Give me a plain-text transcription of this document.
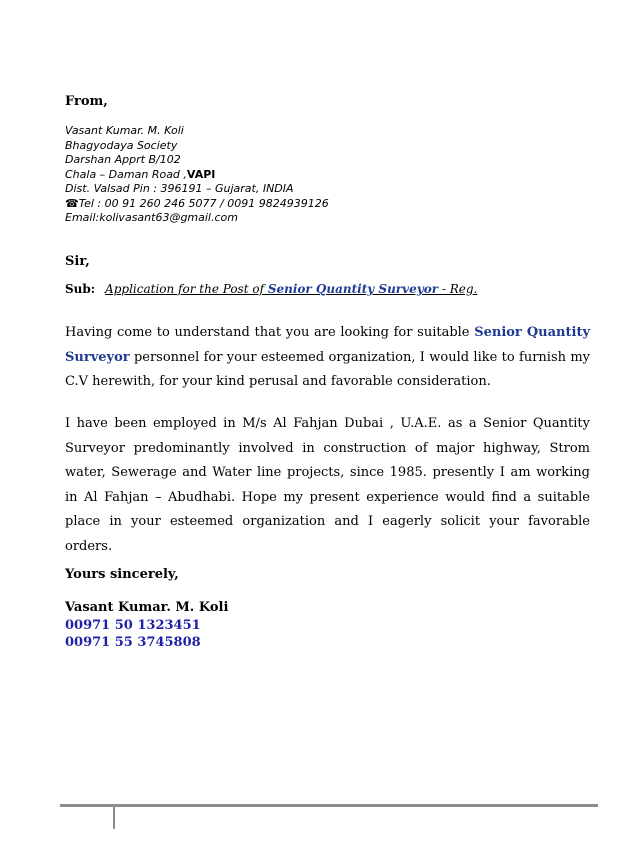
From,
Vasant Kumar. M. Koli
Bhagyodaya Society
Darshan Apprt B/102
Chala – Daman Road ,VAPI
Dist. Valsad Pin : 396191 – Gujarat, INDIA
☎Tel : 00 91 260 246 5077 / 0091 9824939126
Email:kolivasant63@gmail.com
Sir,
Sub: Application for the Post of Senior Quantity Surveyor - Reg.
Having come to understand that you are looking for suitable Senior Quantity Surveyor personnel for your esteemed organization, I would like to furnish my C.V herewith, for your kind perusal and favorable consideration.
I have been employed in M/s Al Fahjan Dubai , U.A.E. as a Senior Quantity Surveyor predominantly involved in construction of major highway, Strom water, Sewerage and Water line projects, since 1985. presently I am working in Al Fahjan – Abudhabi. Hope my present experience would find a suitable place in your esteemed organization and I eagerly solicit your favorable orders.
Yours sincerely,
Vasant Kumar. M. Koli
00971 50 1323451
00971 55 3745808
